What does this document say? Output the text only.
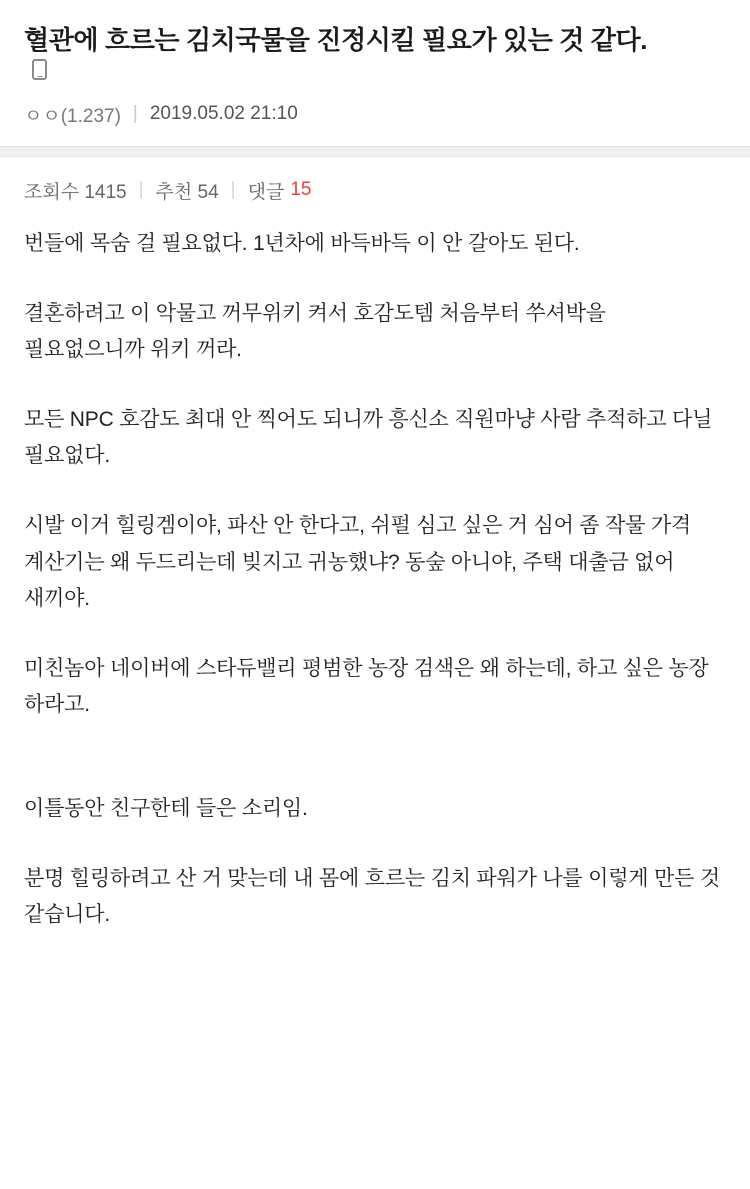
혈관에 흐르는 김치국물을 진정시킬 필요가 있는 것 같다.
ㅇㅇ(1.237) | 2019.05.02 21:10
조회수 1415 | 추천 54 | 댓글 15

번들에 목숨 걸 필요없다. 1년차에 바득바득 이 안 갈아도 된다.

결혼하려고 이 악물고 꺼무위키 켜서 호감도템 처음부터 쑤셔박을 필요없으니까 위키 꺼라.

모든 NPC 호감도 최대 안 찍어도 되니까 흥신소 직원마냥 사람 추적하고 다닐 필요없다.

시발 이거 힐링겜이야, 파산 안 한다고, 쉬펄 심고 싶은 거 심어 좀 작물 가격 계산기는 왜 두드리는데 빚지고 귀농했냐? 동숲 아니야, 주택 대출금 없어 새끼야.

미친놈아 네이버에 스타듀밸리 평범한 농장 검색은 왜 하는데, 하고 싶은 농장 하라고.

이틀동안 친구한테 들은 소리임.

분명 힐링하려고 산 거 맞는데 내 몸에 흐르는 김치 파워가 나를 이렇게 만든 것 같습니다.
